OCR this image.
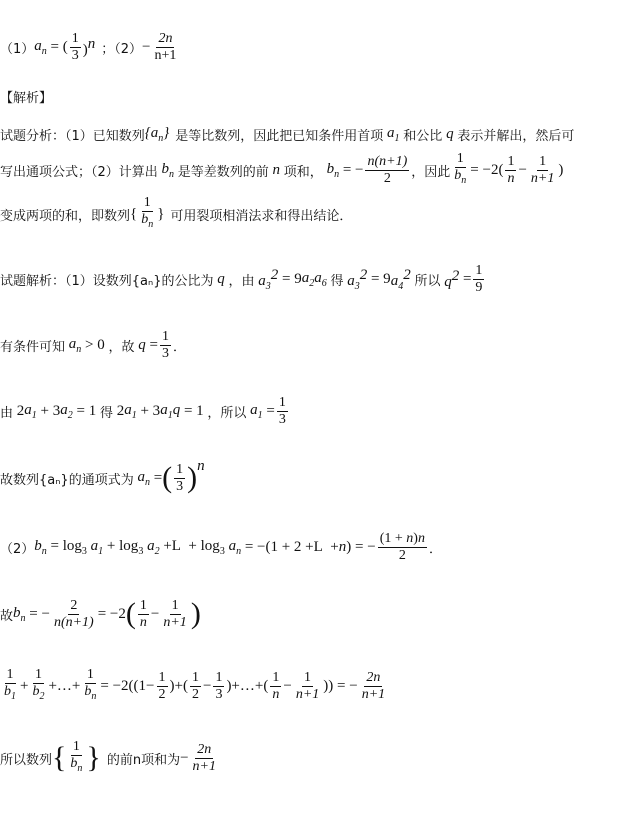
（1） $a_n$ = ( $\frac{1}{3} )^n$ ；$(2) - \frac{2n}{n+1}$
【解析】
试题分析：（1）已知数列 $\{a_n\}$ 是等比数列，因此把已知条件用首项 $a_1$ 和公比 q 表示并解出，然后可
写出通项公式；（2）计算出 $b_n$ 是等差数列的前 n 项和， $b_n$ = − $\frac{n(n+1)}{2}$ ，因此 $\frac{1}{b_n} = -2( \frac{1}{n} - \frac{1}{n+1}$ )
变成两项的和，即数列 { $\frac{1}{b_n}$ } 可用裂项相消法求和得出结论．
试题解析：（1）设数列{aₙ}的公比为 q ，由 $a_3^2 = 9$ $a_2a_6$ 得 $a_3^2 = 9$ $a_4^2$ 所以 $q^2 = \frac{1}{9}$
有条件可知 $a_n > 0$ ，故 $q = \frac{1}{3}$ ．
由 2 $a_1 + 3$ $a_2 = 1$ 得 2 $a_1 + 3$ $a_1q = 1$ ，所以 $a_1 = \frac{1}{3}$
故数列{aₙ}的通项式为 $a_n$ = ( $\frac{1}{3}$ ) n
（2） $b_n = \log_3 a_1 + \log_3 a_2 +L + \log_3 a_n = -(1 + 2 +L + n$ ) = − $\frac{(1 + n)n}{2}$ ．
故 $b_n$ = − $\frac{2}{n(n+1)} = -2$ ( $\frac{1}{n} - \frac{1}{n+1}$ )
$\frac{1}{b_1} + \frac{1}{b_2}$ +…+ $\frac{1}{b_n} = -2((1- \frac{1}{2}$ )+( $\frac{1}{2} - \frac{1}{3}$ )+…+( $\frac{1}{n} - \frac{1}{n+1}$ )) = − $\frac{2n}{n+1}$
所以数列 { $\frac{1}{b_n}$ } 的前n项和为 − $\frac{2n}{n+1}$
